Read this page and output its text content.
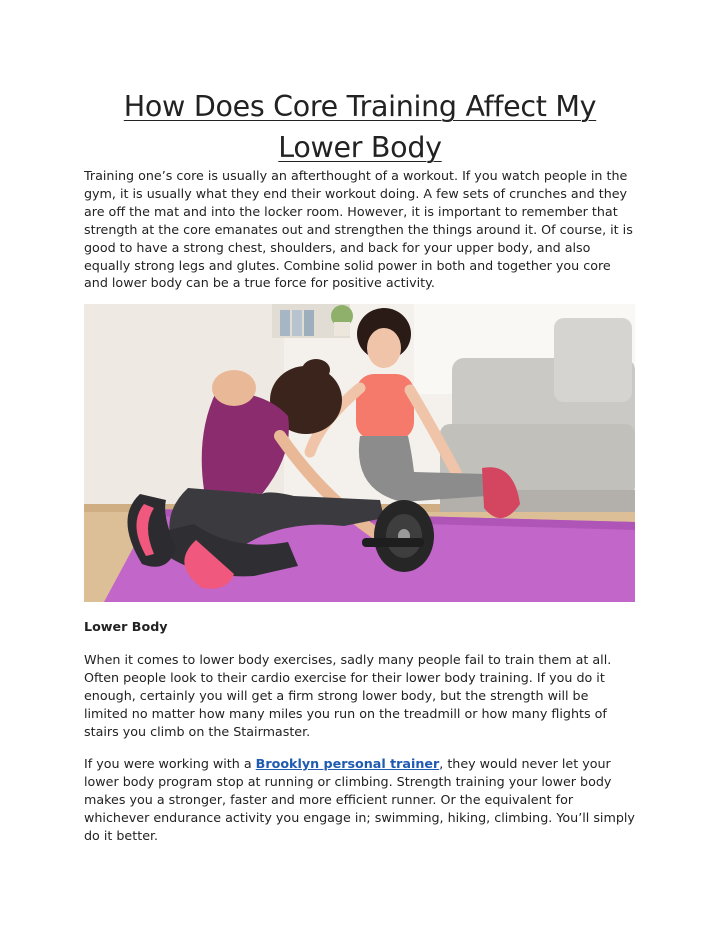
How Does Core Training Affect My Lower Body

Training one’s core is usually an afterthought of a workout. If you watch people in the gym, it is usually what they end their workout doing. A few sets of crunches and they are off the mat and into the locker room. However, it is important to remember that strength at the core emanates out and strengthen the things around it. Of course, it is good to have a strong chest, shoulders, and back for your upper body, and also equally strong legs and glutes. Combine solid power in both and together you core and lower body can be a true force for positive activity.

Lower Body

When it comes to lower body exercises, sadly many people fail to train them at all. Often people look to their cardio exercise for their lower body training. If you do it enough, certainly you will get a firm strong lower body, but the strength will be limited no matter how many miles you run on the treadmill or how many flights of stairs you climb on the Stairmaster.

If you were working with a Brooklyn personal trainer, they would never let your lower body program stop at running or climbing. Strength training your lower body makes you a stronger, faster and more efficient runner. Or the equivalent for whichever endurance activity you engage in; swimming, hiking, climbing. You’ll simply do it better.
